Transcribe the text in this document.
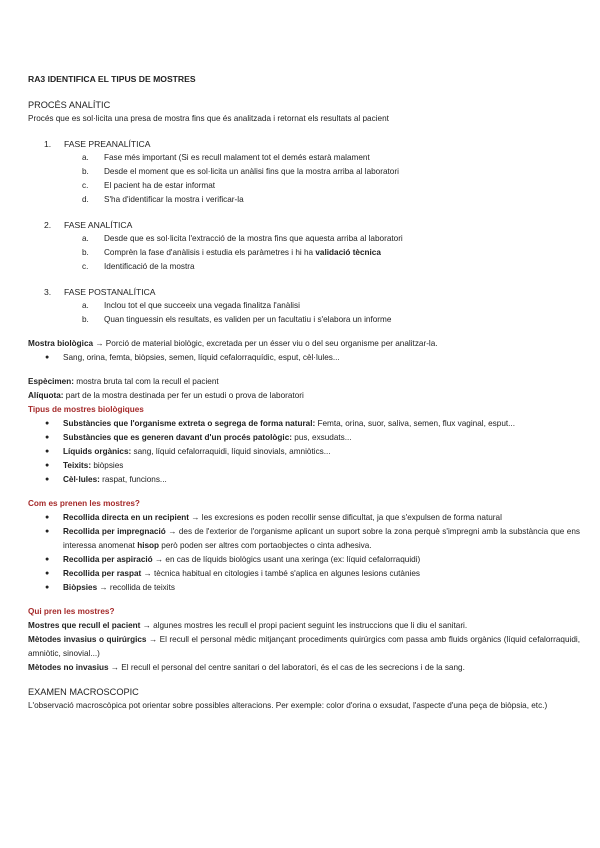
RA3 IDENTIFICA EL TIPUS DE MOSTRES
PROCÉS ANALÍTIC
Procés que es sol·licita una presa de mostra fins que és analitzada i retornat els resultats al pacient
1. FASE PREANALÍTICA
a. Fase més important (Si es recull malament tot el demés estarà malament
b. Desde el moment que es sol·licita un anàlisi fins que la mostra arriba al laboratori
c. El pacient ha de estar informat
d. S'ha d'identificar la mostra i verificar-la
2. FASE ANALÍTICA
a. Desde que es sol·licita l'extracció de la mostra fins que aquesta arriba al laboratori
b. Comprèn la fase d'anàlisis i estudia els paràmetres i hi ha validació tècnica
c. Identificació de la mostra
3. FASE POSTANALÍTICA
a. Inclou tot el que succeeix una vegada finalitza l'anàlisi
b. Quan tinguessin els resultats, es validen per un facultatiu i s'elabora un informe
Mostra biològica → Porció de material biològic, excretada per un ésser viu o del seu organisme per analitzar-la.
● Sang, orina, femta, biòpsies, semen, líquid cefalorraquídic, esput, cèl·lules...
Espècimen: mostra bruta tal com la recull el pacient
Alíquota: part de la mostra destinada per fer un estudi o prova de laboratori
Tipus de mostres biològiques
● Substàncies que l'organisme extreta o segrega de forma natural: Femta, orina, suor, saliva, semen, flux vaginal, esput...
● Substàncies que es generen davant d'un procés patològic: pus, exsudats...
● Líquids orgànics: sang, líquid cefalorraquidi, líquid sinovials, amniòtics...
● Teixits: biòpsies
● Cèl·lules: raspat, funcions...
Com es prenen les mostres?
● Recollida directa en un recipient → les excresions es poden recollir sense dificultat, ja que s'expulsen de forma natural
● Recollida per impregnació → des de l'exterior de l'organisme aplicant un suport sobre la zona perquè s'impregni amb la substància que ens interessa anomenat hisop però poden ser altres com portaobjectes o cinta adhesiva.
● Recollida per aspiració → en cas de líquids biològics usant una xeringa (ex: líquid cefalorraquidi)
● Recollida per raspat → tècnica habitual en citologies i també s'aplica en algunes lesions cutànies
● Biòpsies → recollida de teixits
Qui pren les mostres?
Mostres que recull el pacient → algunes mostres les recull el propi pacient seguint les instruccions que li diu el sanitari.
Mètodes invasius o quirúrgics → El recull el personal mèdic mitjançant procediments quirúrgics com passa amb fluids orgànics (líquid cefalorraquidi, amniòtic, sinovial...)
Mètodes no invasius → El recull el personal del centre sanitari o del laboratori, és el cas de les secrecions i de la sang.
EXAMEN MACROSCOPIC
L'observació macroscòpica pot orientar sobre possibles alteracions. Per exemple: color d'orina o exsudat, l'aspecte d'una peça de biòpsia, etc.)
